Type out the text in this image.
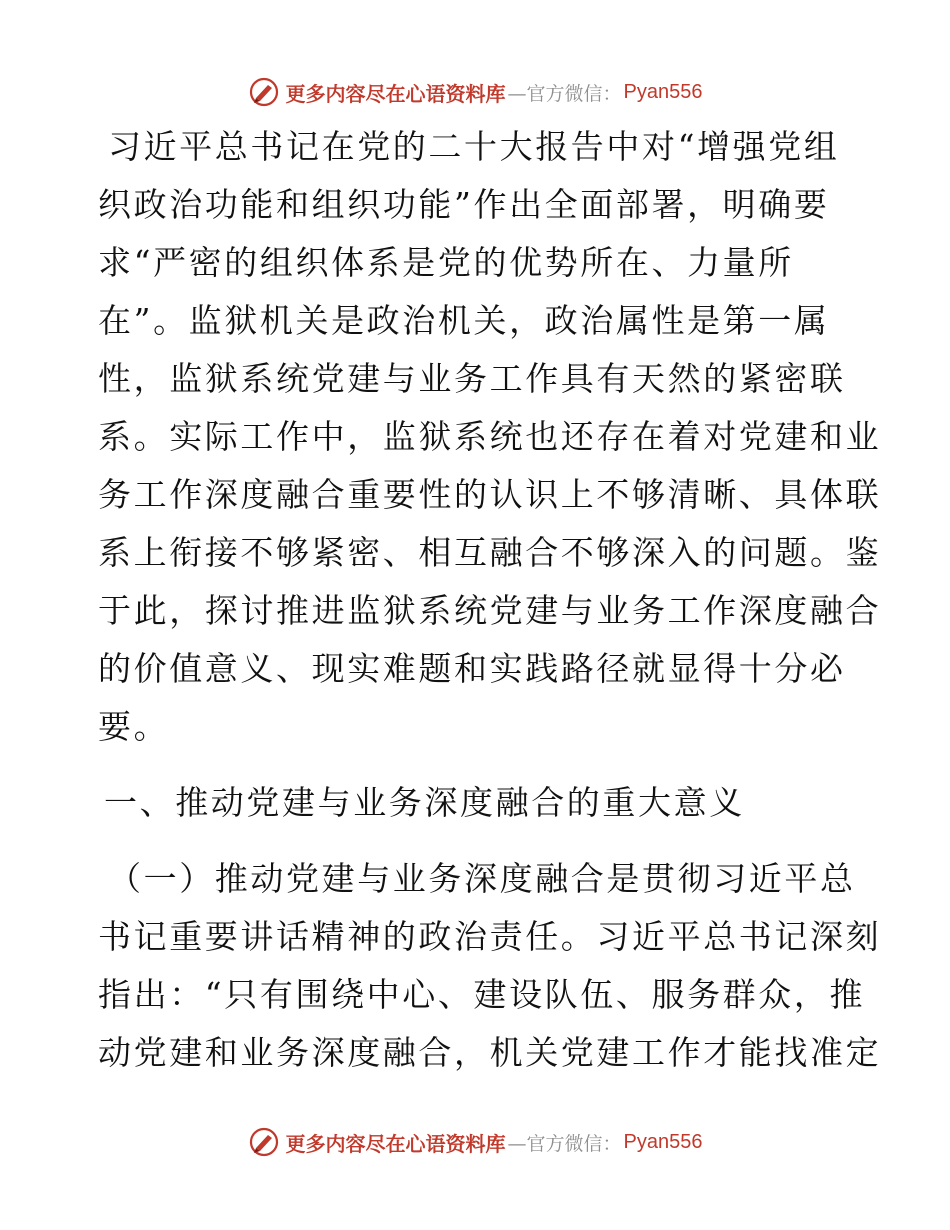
更多内容尽在心语资料库 —官方微信： Pyan556
习近平总书记在党的二十大报告中对“增强党组
织政治功能和组织功能”作出全面部署，明确要
求“严密的组织体系是党的优势所在、力量所
在”。监狱机关是政治机关，政治属性是第一属
性，监狱系统党建与业务工作具有天然的紧密联
系。实际工作中，监狱系统也还存在着对党建和业
务工作深度融合重要性的认识上不够清晰、具体联
系上衔接不够紧密、相互融合不够深入的问题。鉴
于此，探讨推进监狱系统党建与业务工作深度融合
的价值意义、现实难题和实践路径就显得十分必
要。
一、推动党建与业务深度融合的重大意义
（一）推动党建与业务深度融合是贯彻习近平总
书记重要讲话精神的政治责任。习近平总书记深刻
指出：“只有围绕中心、建设队伍、服务群众，推
动党建和业务深度融合，机关党建工作才能找准定
更多内容尽在心语资料库 —官方微信： Pyan556
